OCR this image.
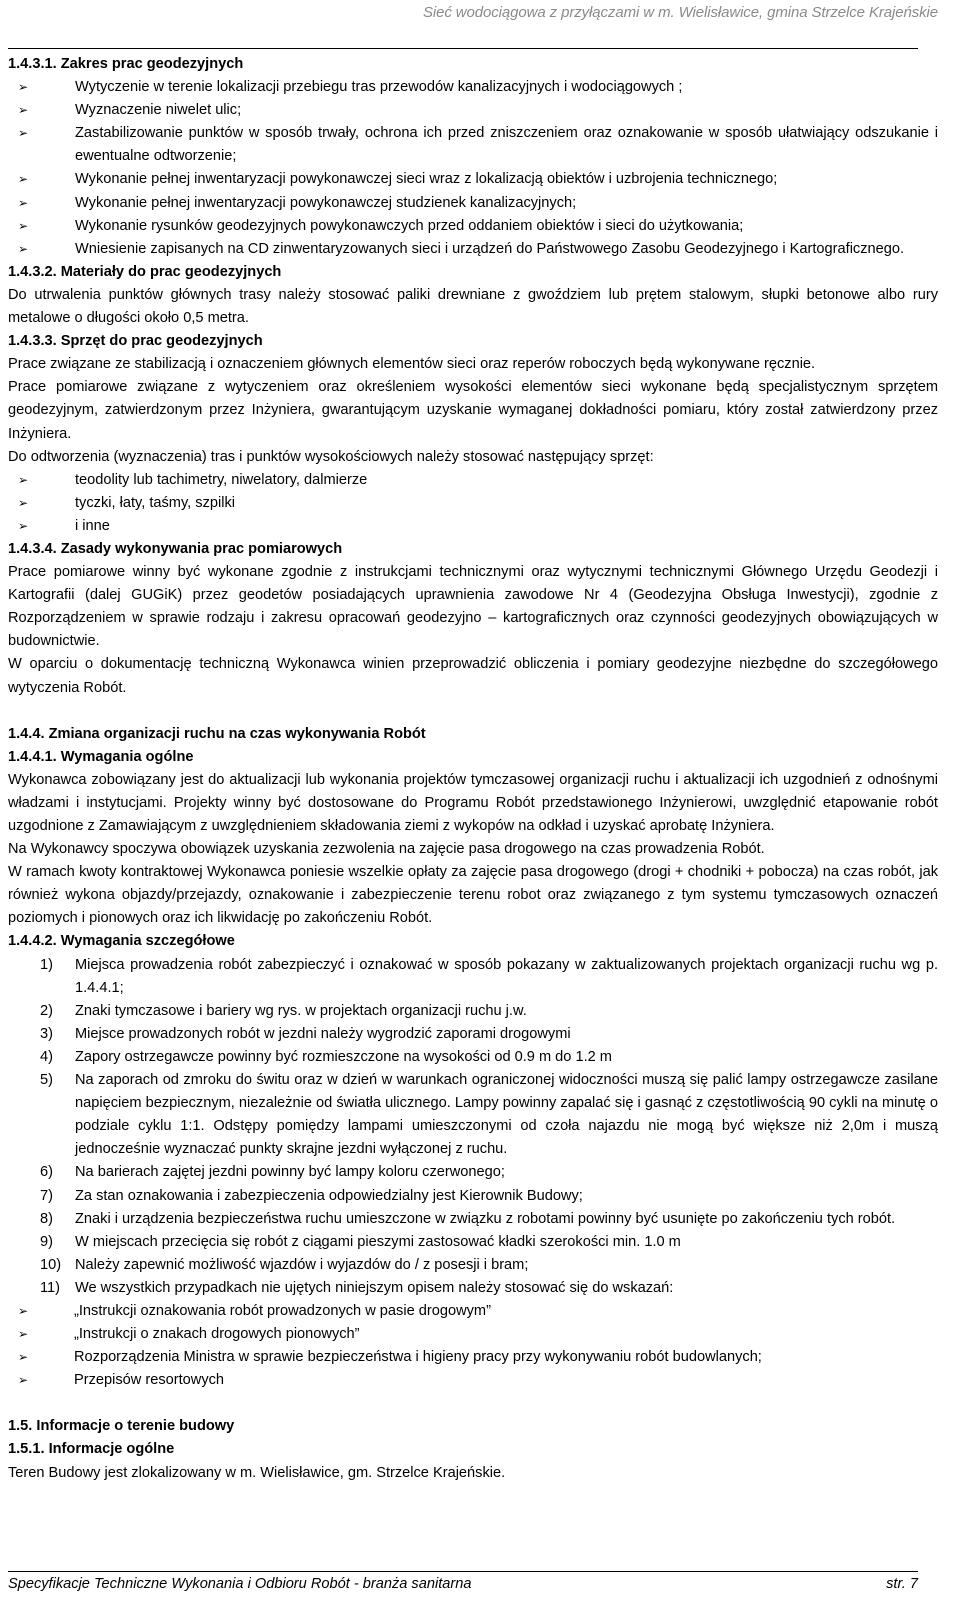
Sieć wodociągowa z przyłączami w m. Wielisławice, gmina Strzelce Krajeńskie
1.4.3.1. Zakres prac geodezyjnych
➢ Wytyczenie w terenie lokalizacji przebiegu tras przewodów kanalizacyjnych i wodociągowych ;
➢ Wyznaczenie niwelet ulic;
➢ Zastabilizowanie punktów w sposób trwały, ochrona ich przed zniszczeniem oraz oznakowanie w sposób ułatwiający odszukanie i ewentualne odtworzenie;
➢ Wykonanie pełnej inwentaryzacji powykonawczej sieci wraz z lokalizacją obiektów i uzbrojenia technicznego;
➢ Wykonanie pełnej inwentaryzacji powykonawczej studzienek kanalizacyjnych;
➢ Wykonanie rysunków geodezyjnych powykonawczych przed oddaniem obiektów i sieci do użytkowania;
➢ Wniesienie zapisanych na CD zinwentaryzowanych sieci i urządzeń do Państwowego Zasobu Geodezyjnego i Kartograficznego.
1.4.3.2. Materiały do prac geodezyjnych
Do utrwalenia punktów głównych trasy należy stosować paliki drewniane z gwoździem lub prętem stalowym, słupki betonowe albo rury metalowe o długości około 0,5 metra.
1.4.3.3. Sprzęt do prac geodezyjnych
Prace związane ze stabilizacją i oznaczeniem głównych elementów sieci oraz reperów roboczych będą wykonywane ręcznie.
Prace pomiarowe związane z wytyczeniem oraz określeniem wysokości elementów sieci wykonane będą specjalistycznym sprzętem geodezyjnym, zatwierdzonym przez Inżyniera, gwarantującym uzyskanie wymaganej dokładności pomiaru, który został zatwierdzony przez Inżyniera.
Do odtworzenia (wyznaczenia) tras i punktów wysokościowych należy stosować następujący sprzęt:
➢ teodolity lub tachimetry, niwelatory, dalmierze
➢ tyczki, łaty, taśmy, szpilki
➢ i inne
1.4.3.4. Zasady wykonywania prac pomiarowych
Prace pomiarowe winny być wykonane zgodnie z instrukcjami technicznymi oraz wytycznymi technicznymi Głównego Urzędu Geodezji i Kartografii (dalej GUGiK) przez geodetów posiadających uprawnienia zawodowe Nr 4 (Geodezyjna Obsługa Inwestycji), zgodnie z Rozporządzeniem w sprawie rodzaju i zakresu opracowań geodezyjno – kartograficznych oraz czynności geodezyjnych obowiązujących w budownictwie.
W oparciu o dokumentację techniczną Wykonawca winien przeprowadzić obliczenia i pomiary geodezyjne niezbędne do szczegółowego wytyczenia Robót.
1.4.4. Zmiana organizacji ruchu na czas wykonywania Robót
1.4.4.1. Wymagania ogólne
Wykonawca zobowiązany jest do aktualizacji lub wykonania projektów tymczasowej organizacji ruchu i aktualizacji ich uzgodnień z odnośnymi władzami i instytucjami. Projekty winny być dostosowane do Programu Robót przedstawionego Inżynierowi, uwzględnić etapowanie robót uzgodnione z Zamawiającym z uwzględnieniem składowania ziemi z wykopów na odkład i uzyskać aprobatę Inżyniera.
Na Wykonawcy spoczywa obowiązek uzyskania zezwolenia na zajęcie pasa drogowego na czas prowadzenia Robót.
W ramach kwoty kontraktowej Wykonawca poniesie wszelkie opłaty za zajęcie pasa drogowego (drogi + chodniki + pobocza) na czas robót, jak również wykona objazdy/przejazdy, oznakowanie i zabezpieczenie terenu robot oraz związanego z tym systemu tymczasowych oznaczeń poziomych i pionowych oraz ich likwidację po zakończeniu Robót.
1.4.4.2. Wymagania szczegółowe
1) Miejsca prowadzenia robót zabezpieczyć i oznakować w sposób pokazany w zaktualizowanych projektach organizacji ruchu wg p. 1.4.4.1;
2) Znaki tymczasowe i bariery wg rys. w projektach organizacji ruchu j.w.
3) Miejsce prowadzonych robót w jezdni należy wygrodzić zaporami drogowymi
4) Zapory ostrzegawcze powinny być rozmieszczone na wysokości od 0.9 m do 1.2 m
5) Na zaporach od zmroku do świtu oraz w dzień w warunkach ograniczonej widoczności muszą się palić lampy ostrzegawcze zasilane napięciem bezpiecznym, niezależnie od światła ulicznego. Lampy powinny zapalać się i gasnąć z częstotliwością 90 cykli na minutę o podziale cyklu 1:1. Odstępy pomiędzy lampami umieszczonymi od czoła najazdu nie mogą być większe niż 2,0m i muszą jednocześnie wyznaczać punkty skrajne jezdni wyłączonej z ruchu.
6) Na barierach zajętej jezdni powinny być lampy koloru czerwonego;
7) Za stan oznakowania i zabezpieczenia odpowiedzialny jest Kierownik Budowy;
8) Znaki i urządzenia bezpieczeństwa ruchu umieszczone w związku z robotami powinny być usunięte po zakończeniu tych robót.
9) W miejscach przecięcia się robót z ciągami pieszymi zastosować kładki szerokości min. 1.0 m
10) Należy zapewnić możliwość wjazdów i wyjazdów do / z posesji i bram;
11) We wszystkich przypadkach nie ujętych niniejszym opisem należy stosować się do wskazań:
➢ „Instrukcji oznakowania robót prowadzonych w pasie drogowym”
➢ „Instrukcji o znakach drogowych pionowych”
➢ Rozporządzenia Ministra w sprawie bezpieczeństwa i higieny pracy przy wykonywaniu robót budowlanych;
➢ Przepisów resortowych
1.5. Informacje o terenie budowy
1.5.1. Informacje ogólne
Teren Budowy jest zlokalizowany w m. Wielisławice, gm. Strzelce Krajeńskie.
Specyfikacje Techniczne Wykonania i Odbioru Robót - branża sanitarna	str. 7
